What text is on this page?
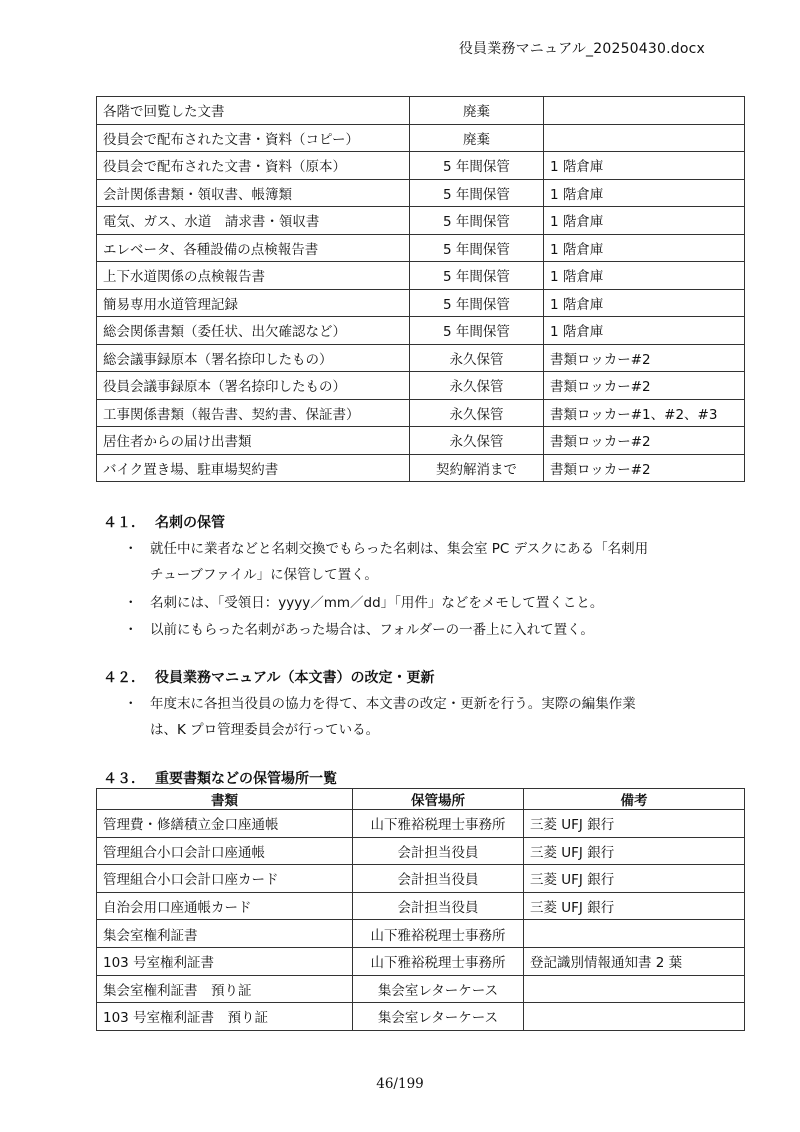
役員業務マニュアル_20250430.docx
各階で回覧した文書	廃棄	
役員会で配布された文書・資料（コピー）	廃棄	
役員会で配布された文書・資料（原本）	5 年間保管	1 階倉庫
会計関係書類・領収書、帳簿類	5 年間保管	1 階倉庫
電気、ガス、水道　請求書・領収書	5 年間保管	1 階倉庫
エレベータ、各種設備の点検報告書	5 年間保管	1 階倉庫
上下水道関係の点検報告書	5 年間保管	1 階倉庫
簡易専用水道管理記録	5 年間保管	1 階倉庫
総会関係書類（委任状、出欠確認など）	5 年間保管	1 階倉庫
総会議事録原本（署名捺印したもの）	永久保管	書類ロッカー#2
役員会議事録原本（署名捺印したもの）	永久保管	書類ロッカー#2
工事関係書類（報告書、契約書、保証書）	永久保管	書類ロッカー#1、#2、#3
居住者からの届け出書類	永久保管	書類ロッカー#2
バイク置き場、駐車場契約書	契約解消まで	書類ロッカー#2
４１． 名刺の保管
・ 就任中に業者などと名刺交換でもらった名刺は、集会室 PC デスクにある「名刺用
チューブファイル」に保管して置く。
・ 名刺には、「受領日：yyyy／mm／dd」「用件」などをメモして置くこと。
・ 以前にもらった名刺があった場合は、フォルダーの一番上に入れて置く。
４２． 役員業務マニュアル（本文書）の改定・更新
・ 年度末に各担当役員の協力を得て、本文書の改定・更新を行う。実際の編集作業
は、K プロ管理委員会が行っている。
４３． 重要書類などの保管場所一覧
書類	保管場所	備考
管理費・修繕積立金口座通帳	山下雅裕税理士事務所	三菱 UFJ 銀行
管理組合小口会計口座通帳	会計担当役員	三菱 UFJ 銀行
管理組合小口会計口座カード	会計担当役員	三菱 UFJ 銀行
自治会用口座通帳カード	会計担当役員	三菱 UFJ 銀行
集会室権利証書	山下雅裕税理士事務所	
103 号室権利証書	山下雅裕税理士事務所	登記識別情報通知書 2 葉
集会室権利証書　預り証	集会室レターケース	
103 号室権利証書　預り証	集会室レターケース	
46/199
